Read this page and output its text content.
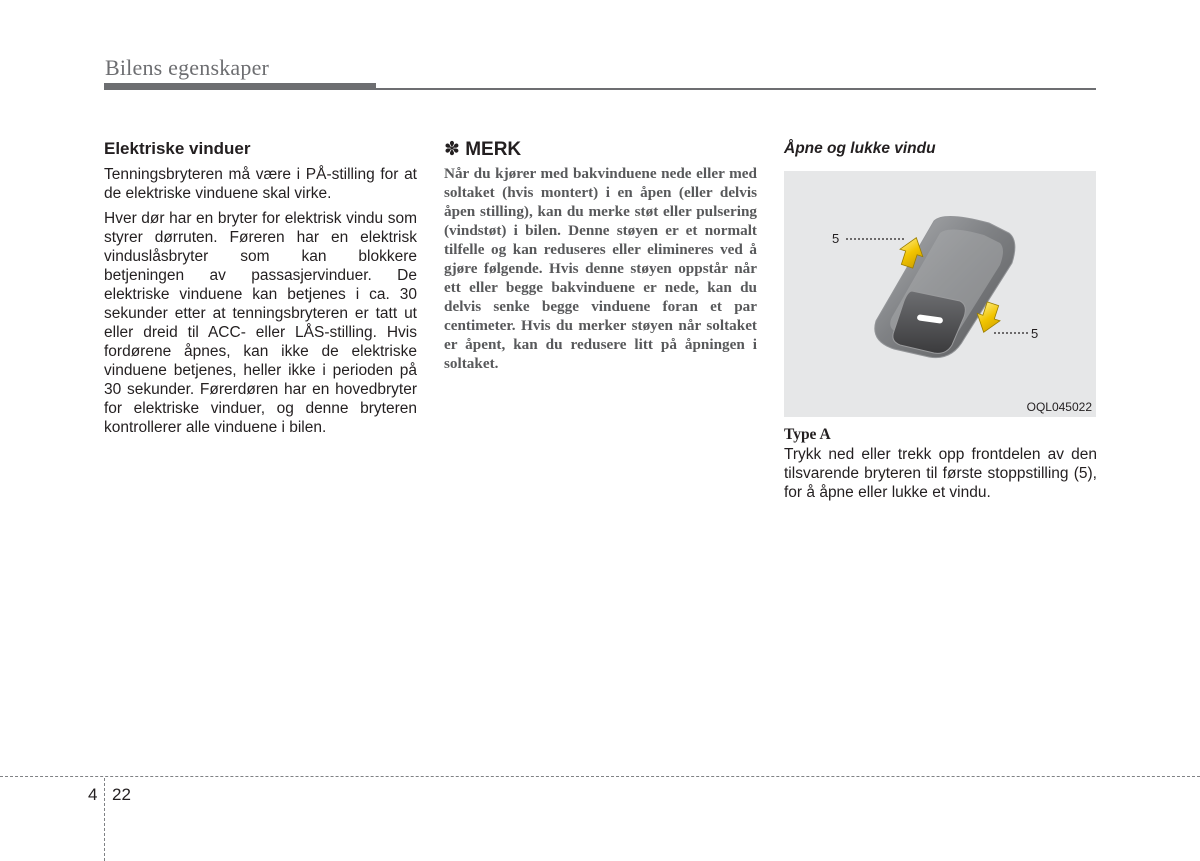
Bilens egenskaper

Elektriske vinduer

Tenningsbryteren må være i PÅ-stilling for at de elektriske vinduene skal virke.

Hver dør har en bryter for elektrisk vindu som styrer dørruten. Føreren har en elektrisk vinduslåsbryter som kan blokkere betjeningen av passasjervinduer. De elektriske vinduene kan betjenes i ca. 30 sekunder etter at tenningsbryteren er tatt ut eller dreid til ACC- eller LÅS-stilling. Hvis fordørene åpnes, kan ikke de elektriske vinduene betjenes, heller ikke i perioden på 30 sekunder. Førerdøren har en hovedbryter for elektriske vinduer, og denne bryteren kontrollerer alle vinduene i bilen.

✽ MERK

Når du kjører med bakvinduene nede eller med soltaket (hvis montert) i en åpen (eller delvis åpen stilling), kan du merke støt eller pulsering (vindstøt) i bilen. Denne støyen er et normalt tilfelle og kan reduseres eller elimineres ved å gjøre følgende. Hvis denne støyen oppstår når ett eller begge bakvinduene er nede, kan du delvis senke begge vinduene foran et par centimeter. Hvis du merker støyen når soltaket er åpent, kan du redusere litt på åpningen i soltaket.

Åpne og lukke vindu

5
5
OQL045022
Type A

Trykk ned eller trekk opp frontdelen av den tilsvarende bryteren til første stoppstilling (5), for å åpne eller lukke et vindu.

4 22
